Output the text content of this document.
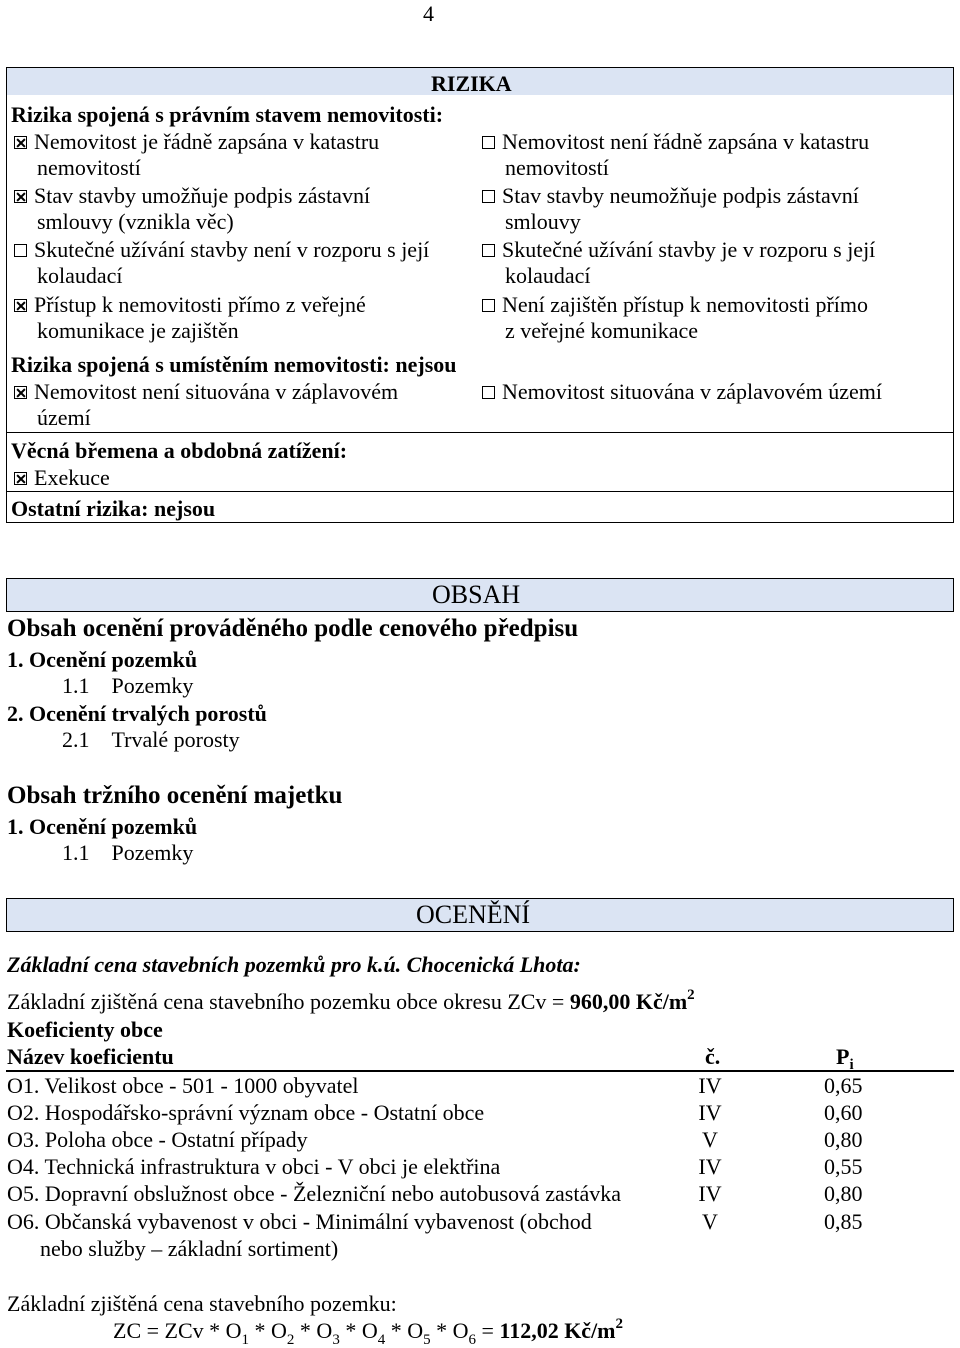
4
RIZIKA
Rizika spojená s právním stavem nemovitosti:
Nemovitost je řádně zapsána v katastru
nemovitostí
Nemovitost není řádně zapsána v katastru
nemovitostí
Stav stavby umožňuje podpis zástavní
smlouvy (vznikla věc)
Stav stavby neumožňuje podpis zástavní
smlouvy
Skutečné užívání stavby není v rozporu s její
kolaudací
Skutečné užívání stavby je v rozporu s její
kolaudací
Přístup k nemovitosti přímo z veřejné
komunikace je zajištěn
Není zajištěn přístup k nemovitosti přímo
z veřejné komunikace
Rizika spojená s umístěním nemovitosti: nejsou
Nemovitost není situována v záplavovém
území
Nemovitost situována v záplavovém území
Věcná břemena a obdobná zatížení:
Exekuce
Ostatní rizika: nejsou
OBSAH
Obsah ocenění prováděného podle cenového předpisu
1. Ocenění pozemků
1.1 Pozemky
2. Ocenění trvalých porostů
2.1 Trvalé porosty
Obsah tržního ocenění majetku
1. Ocenění pozemků
1.1 Pozemky
OCENĚNÍ
Základní cena stavebních pozemků pro k.ú. Chocenická Lhota:
Základní zjištěná cena stavebního pozemku obce okresu ZCv = 960,00 $Kč/m^2$
Koeficienty obce
Název koeficientu	č.	$P_i$
O1. Velikost obce - 501 - 1000 obyvatel	IV	0,65
O2. Hospodářsko-správní význam obce - Ostatní obce	IV	0,60
O3. Poloha obce - Ostatní případy	V	0,80
O4. Technická infrastruktura v obci - V obci je elektřina	IV	0,55
O5. Dopravní obslužnost obce - Železniční nebo autobusová zastávka	IV	0,80
O6. Občanská vybavenost v obci - Minimální vybavenost (obchod
nebo služby – základní sortiment)
V	0,85
Základní zjištěná cena stavebního pozemku:
ZC = ZCv * $O_1 * O_2 * O_3 * O_4 * O_5 * O_6 = 112,02$ $Kč/m^2$
